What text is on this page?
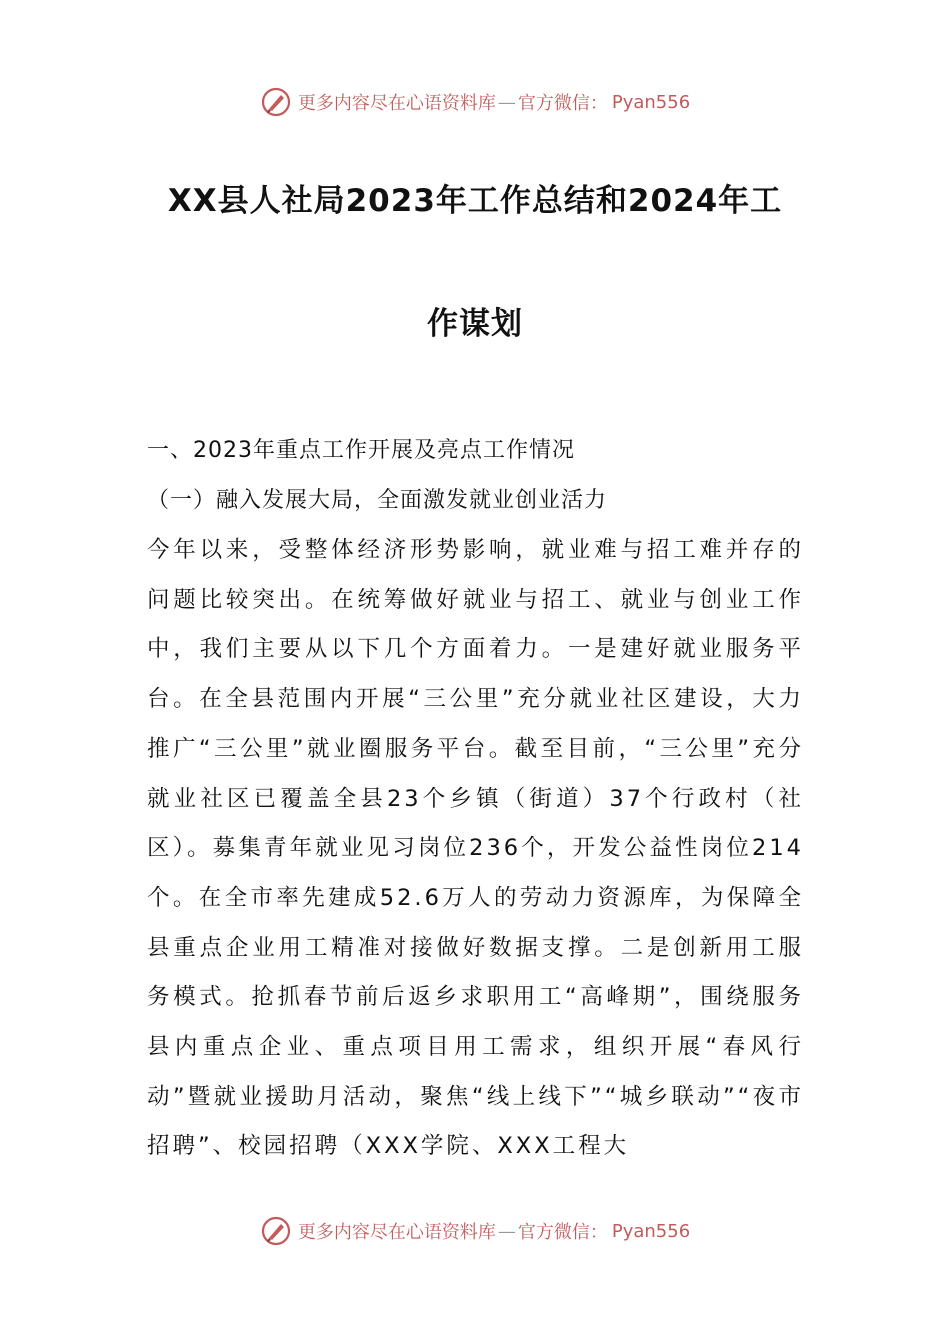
更多内容尽在心语资料库 — 官方微信： Pyan556
XX县人社局2023年工作总结和2024年工
作谋划
一、2023年重点工作开展及亮点工作情况
（一）融入发展大局，全面激发就业创业活力
今年以来，受整体经济形势影响，就业难与招工难并存的问题比较突出。在统筹做好就业与招工、就业与创业工作中，我们主要从以下几个方面着力。一是建好就业服务平台。在全县范围内开展“三公里”充分就业社区建设，大力推广“三公里”就业圈服务平台。截至目前，“三公里”充分就业社区已覆盖全县23个乡镇（街道）37个行政村（社区）。募集青年就业见习岗位236个，开发公益性岗位214个。在全市率先建成52.6万人的劳动力资源库，为保障全县重点企业用工精准对接做好数据支撑。二是创新用工服务模式。抢抓春节前后返乡求职用工“高峰期”，围绕服务县内重点企业、重点项目用工需求，组织开展“春风行动”暨就业援助月活动，聚焦“线上线下”“城乡联动”“夜市招聘”、校园招聘（XXX学院、XXX工程大
更多内容尽在心语资料库 — 官方微信： Pyan556
